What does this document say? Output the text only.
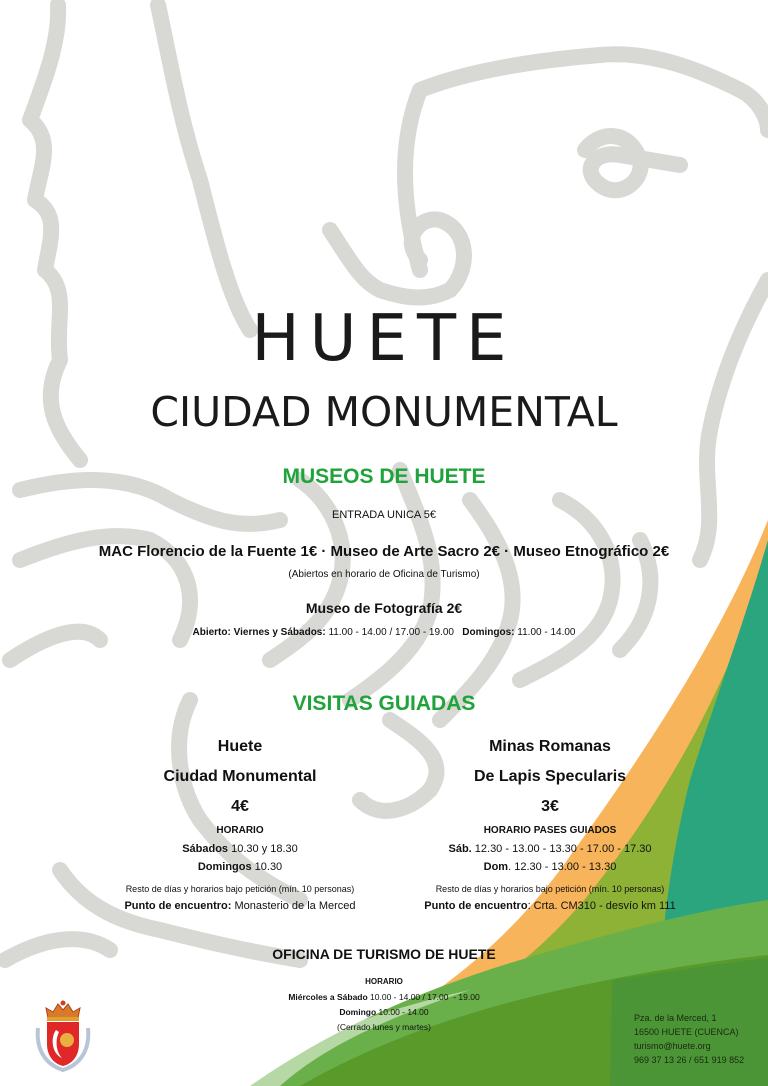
HUETE
CIUDAD MONUMENTAL
MUSEOS DE HUETE
ENTRADA UNICA 5€
MAC Florencio de la Fuente 1€ · Museo de Arte Sacro 2€ · Museo Etnográfico 2€
(Abiertos en horario de Oficina de Turismo)
Museo de Fotografía 2€
Abierto: Viernes y Sábados: 11.00 - 14.00 / 17.00 - 19.00   Domingos: 11.00 - 14.00
VISITAS GUIADAS
Huete
Ciudad Monumental
4€
HORARIO
Sábados 10.30 y 18.30
Domingos 10.30
Resto de días y horarios bajo petición (mín. 10 personas)
Punto de encuentro: Monasterio de la Merced
Minas Romanas
De Lapis Specularis
3€
HORARIO PASES GUIADOS
Sáb. 12.30 - 13.00 - 13.30 - 17.00 - 17.30
Dom. 12.30 - 13.00 - 13.30
Resto de días y horarios bajo petición (mín. 10 personas)
Punto de encuentro: Crta. CM310 - desvío km 111
OFICINA DE TURISMO DE HUETE
HORARIO
Miércoles a Sábado 10.00 - 14.00 / 17.00  - 19.00
Domingo 10.00 - 14.00
(Cerrado lunes y martes)
Pza. de la Merced, 1
16500 HUETE (CUENCA)
turismo@huete.org
969 37 13 26 / 651 919 852
